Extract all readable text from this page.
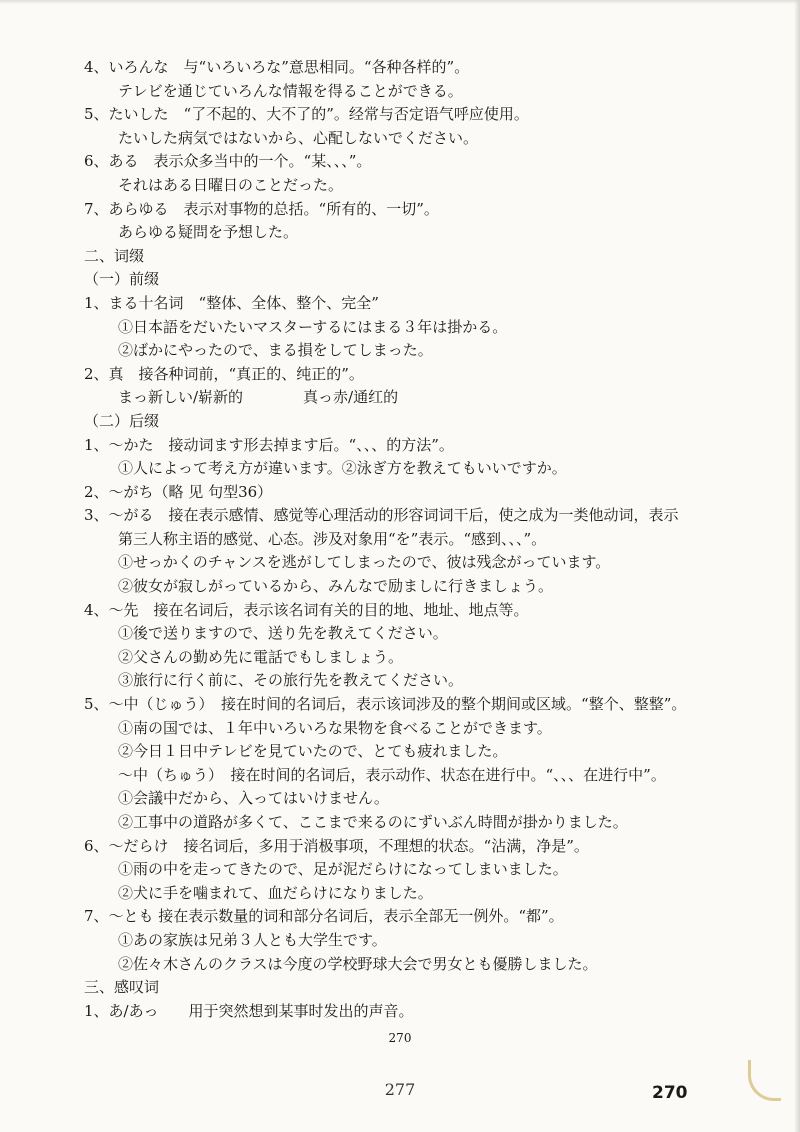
4、いろんな　与“いろいろな”意思相同。“各种各样的”。
テレビを通じていろんな情報を得ることができる。
5、たいした　“了不起的、大不了的”。经常与否定语气呼应使用。
たいした病気ではないから、心配しないでください。
6、ある　表示众多当中的一个。“某、、、”。
それはある日曜日のことだった。
7、あらゆる　表示对事物的总括。“所有的、一切”。
あらゆる疑問を予想した。
二、词缀
（一）前缀
1、まる十名词　“整体、全体、整个、完全”
①日本語をだいたいマスターするにはまる３年は掛かる。
②ばかにやったので、まる損をしてしまった。
2、真　接各种词前，“真正的、纯正的”。
まっ新しい/崭新的　　　　真っ赤/通红的
（二）后缀
1、～かた　接动词ます形去掉ます后。“、、、的方法”。
①人によって考え方が違います。②泳ぎ方を教えてもいいですか。
2、～がち（略 见 句型36）
3、～がる　接在表示感情、感觉等心理活动的形容词词干后，使之成为一类他动词，表示
第三人称主语的感觉、心态。涉及对象用“を”表示。“感到、、、”。
①せっかくのチャンスを逃がしてしまったので、彼は残念がっています。
②彼女が寂しがっているから、みんなで励ましに行きましょう。
4、～先　接在名词后，表示该名词有关的目的地、地址、地点等。
①後で送りますので、送り先を教えてください。
②父さんの勤め先に電話でもしましょう。
③旅行に行く前に、その旅行先を教えてください。
5、～中（じゅう）　接在时间的名词后，表示该词涉及的整个期间或区域。“整个、整整”。
①南の国では、１年中いろいろな果物を食べることができます。
②今日１日中テレビを見ていたので、とても疲れました。
～中（ちゅう）　接在时间的名词后，表示动作、状态在进行中。“、、、在进行中”。
①会議中だから、入ってはいけません。
②工事中の道路が多くて、ここまで来るのにずいぶん時間が掛かりました。
6、～だらけ　接名词后，多用于消极事项，不理想的状态。“沾满，净是”。
①雨の中を走ってきたので、足が泥だらけになってしまいました。
②犬に手を噛まれて、血だらけになりました。
7、～とも 接在表示数量的词和部分名词后，表示全部无一例外。“都”。
①あの家族は兄弟３人とも大学生です。
②佐々木さんのクラスは今度の学校野球大会で男女とも優勝しました。
三、感叹词
1、あ/あっ　　用于突然想到某事时发出的声音。
270
277	270
